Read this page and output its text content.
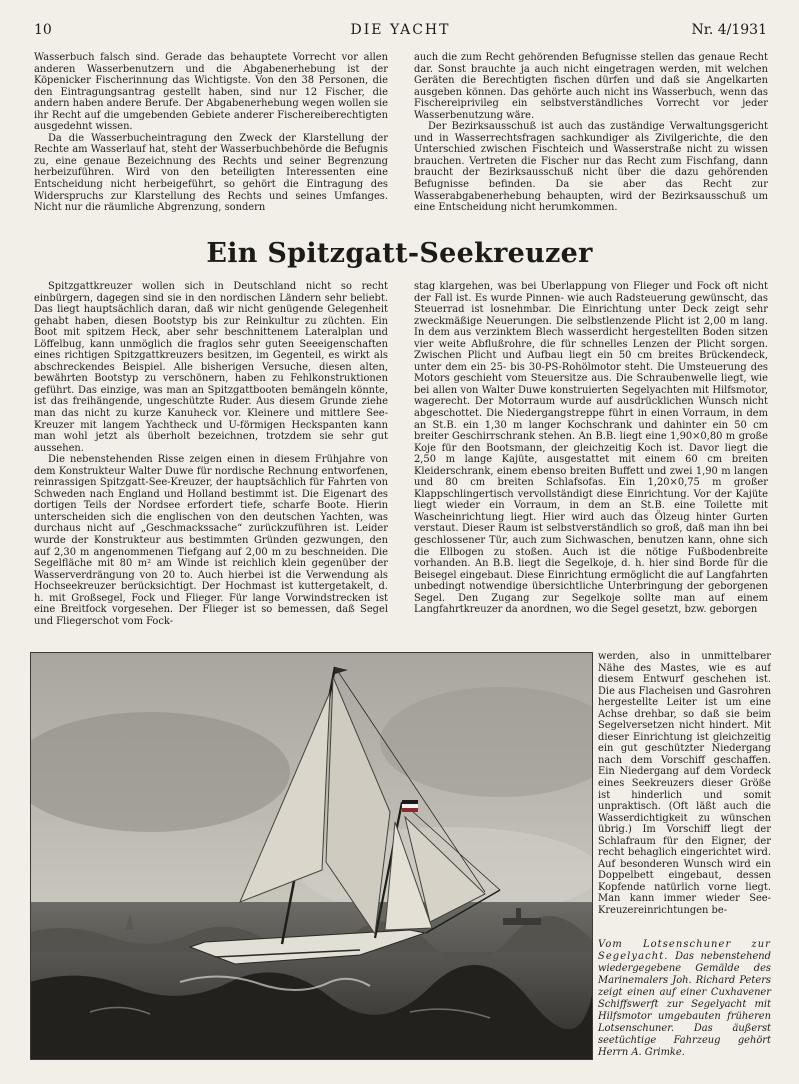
10	DIE YACHT	Nr. 4/1931

Wasserbuch falsch sind. Gerade das behauptete Vorrecht vor allen anderen Wasserbenutzern und die Abgabenerhebung ist der Köpenicker Fischerinnung das Wichtigste. Von den 38 Personen, die den Eintragungsantrag gestellt haben, sind nur 12 Fischer, die andern haben andere Berufe. Der Abgabenerhebung wegen wollen sie ihr Recht auf die umgebenden Gebiete anderer Fischereiberechtigten ausgedehnt wissen.

Da die Wasserbucheintragung den Zweck der Klarstellung der Rechte am Wasserlauf hat, steht der Wasserbuchbehörde die Befugnis zu, eine genaue Bezeichnung des Rechts und seiner Begrenzung herbeizuführen. Wird von den beteiligten Interessenten eine Entscheidung nicht herbeigeführt, so gehört die Eintragung des Widerspruchs zur Klarstellung des Rechts und seines Umfanges. Nicht nur die räumliche Abgrenzung, sondern

auch die zum Recht gehörenden Befugnisse stellen das genaue Recht dar. Sonst brauchte ja auch nicht eingetragen werden, mit welchen Geräten die Berechtigten fischen dürfen und daß sie Angelkarten ausgeben können. Das gehörte auch nicht ins Wasserbuch, wenn das Fischereiprivileg ein selbstverständliches Vorrecht vor jeder Wasserbenutzung wäre.

Der Bezirksausschuß ist auch das zuständige Verwaltungsgericht und in Wasserrechtsfragen sachkundiger als Zivilgerichte, die den Unterschied zwischen Fischteich und Wasserstraße nicht zu wissen brauchen. Vertreten die Fischer nur das Recht zum Fischfang, dann braucht der Bezirksausschuß nicht über die dazu gehörenden Befugnisse befinden. Da sie aber das Recht zur Wasserabgabenerhebung behaupten, wird der Bezirksausschuß um eine Entscheidung nicht herumkommen.

Ein Spitzgatt-Seekreuzer

Spitzgattkreuzer wollen sich in Deutschland nicht so recht einbürgern, dagegen sind sie in den nordischen Ländern sehr beliebt. Das liegt hauptsächlich daran, daß wir nicht genügende Gelegenheit gehabt haben, diesen Bootstyp bis zur Reinkultur zu züchten. Ein Boot mit spitzem Heck, aber sehr beschnittenem Lateralplan und Löffelbug, kann unmöglich die fraglos sehr guten Seeeigenschaften eines richtigen Spitzgattkreuzers besitzen, im Gegenteil, es wirkt als abschreckendes Beispiel. Alle bisherigen Versuche, diesen alten, bewährten Bootstyp zu verschönern, haben zu Fehlkonstruktionen geführt. Das einzige, was man an Spitzgattbooten bemängeln könnte, ist das freihängende, ungeschützte Ruder. Aus diesem Grunde ziehe man das nicht zu kurze Kanuheck vor. Kleinere und mittlere See-Kreuzer mit langem Yachtheck und U-förmigen Heckspanten kann man wohl jetzt als überholt bezeichnen, trotzdem sie sehr gut aussehen.

Die nebenstehenden Risse zeigen einen in diesem Frühjahre von dem Konstrukteur Walter Duwe für nordische Rechnung entworfenen, reinrassigen Spitzgatt-See-Kreuzer, der hauptsächlich für Fahrten von Schweden nach England und Holland bestimmt ist. Die Eigenart des dortigen Teils der Nordsee erfordert tiefe, scharfe Boote. Hierin unterscheiden sich die englischen von den deutschen Yachten, was durchaus nicht auf „Geschmackssache“ zurückzuführen ist. Leider wurde der Konstrukteur aus bestimmten Gründen gezwungen, den auf 2,30 m angenommenen Tiefgang auf 2,00 m zu beschneiden. Die Segelfläche mit 80 m² am Winde ist reichlich klein gegenüber der Wasserverdrängung von 20 to. Auch hierbei ist die Verwendung als Hochseekreuzer berücksichtigt. Der Hochmast ist kuttergetakelt, d. h. mit Großsegel, Fock und Flieger. Für lange Vorwindstrecken ist eine Breitfock vorgesehen. Der Flieger ist so bemessen, daß Segel und Fliegerschot vom Fock-

stag klargehen, was bei Überlappung von Flieger und Fock oft nicht der Fall ist. Es wurde Pinnen- wie auch Radsteuerung gewünscht, das Steuerrad ist losnehmbar. Die Einrichtung unter Deck zeigt sehr zweckmäßige Neuerungen. Die selbstlenzende Plicht ist 2,00 m lang. In dem aus verzinktem Blech wasserdicht hergestellten Boden sitzen vier weite Abflußrohre, die für schnelles Lenzen der Plicht sorgen. Zwischen Plicht und Aufbau liegt ein 50 cm breites Brückendeck, unter dem ein 25- bis 30-PS-Rohölmotor steht. Die Umsteuerung des Motors geschieht vom Steuersitze aus. Die Schraubenwelle liegt, wie bei allen von Walter Duwe konstruierten Segelyachten mit Hilfsmotor, wagerecht. Der Motorraum wurde auf ausdrücklichen Wunsch nicht abgeschottet. Die Niedergangstreppe führt in einen Vorraum, in dem an St.B. ein 1,30 m langer Kochschrank und dahinter ein 50 cm breiter Geschirrschrank stehen. An B.B. liegt eine 1,90×0,80 m große Koje für den Bootsmann, der gleichzeitig Koch ist. Davor liegt die 2,50 m lange Kajüte, ausgestattet mit einem 60 cm breiten Kleiderschrank, einem ebenso breiten Buffett und zwei 1,90 m langen und 80 cm breiten Schlafsofas. Ein 1,20×0,75 m großer Klappschlingertisch vervollständigt diese Einrichtung. Vor der Kajüte liegt wieder ein Vorraum, in dem an St.B. eine Toilette mit Wascheinrichtung liegt. Hier wird auch das Ölzeug hinter Gurten verstaut. Dieser Raum ist selbstverständlich so groß, daß man ihn bei geschlossener Tür, auch zum Sichwaschen, benutzen kann, ohne sich die Ellbogen zu stoßen. Auch ist die nötige Fußbodenbreite vorhanden. An B.B. liegt die Segelkoje, d. h. hier sind Borde für die Beisegel eingebaut. Diese Einrichtung ermöglicht die auf Langfahrten unbedingt notwendige übersichtliche Unterbringung der geborgenen Segel. Den Zugang zur Segelkoje sollte man auf einem Langfahrtkreuzer da anordnen, wo die Segel gesetzt, bzw. geborgen

werden, also in unmittelbarer Nähe des Mastes, wie es auf diesem Entwurf geschehen ist. Die aus Flacheisen und Gasrohren hergestellte Leiter ist um eine Achse drehbar, so daß sie beim Segelversetzen nicht hindert. Mit dieser Einrichtung ist gleichzeitig ein gut geschützter Niedergang nach dem Vorschiff geschaffen. Ein Niedergang auf dem Vordeck eines Seekreuzers dieser Größe ist hinderlich und somit unpraktisch. (Oft läßt auch die Wasserdichtigkeit zu wünschen übrig.) Im Vorschiff liegt der Schlafraum für den Eigner, der recht behaglich eingerichtet wird. Auf besonderen Wunsch wird ein Doppelbett eingebaut, dessen Kopfende natürlich vorne liegt. Man kann immer wieder See-Kreuzereinrichtungen be-

Vom Lotsenschuner zur Segelyacht. Das nebenstehend wiedergegebene Gemälde des Marinemalers Joh. Richard Peters zeigt einen auf einer Cuxhavener Schiffswerft zur Segelyacht mit Hilfsmotor umgebauten früheren Lotsenschuner. Das äußerst seetüchtige Fahrzeug gehört Herrn A. Grimke.
